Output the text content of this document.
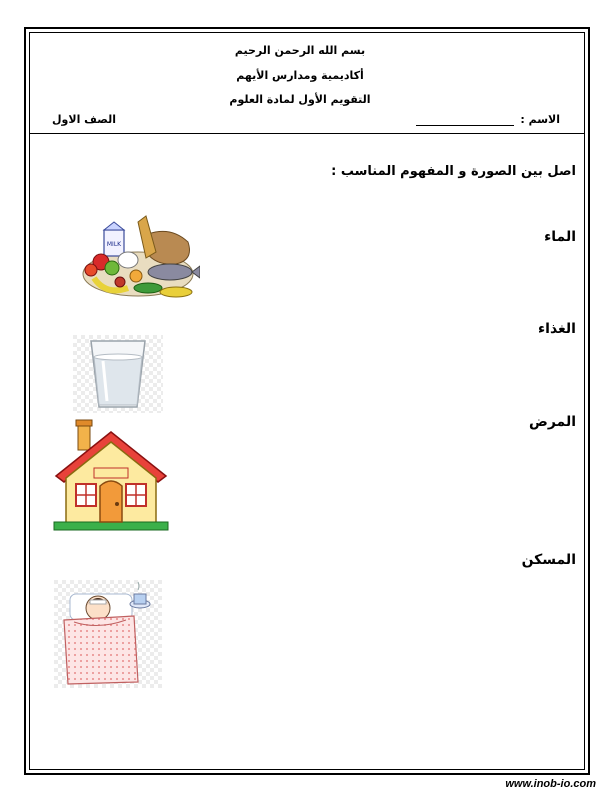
بسم الله الرحمن الرحيم
أكاديمية ومدارس الأيهم
التقويم الأول لمادة العلوم
الاسم :
الصف الاول
اصل بين الصورة و المفهوم المناسب :
الماء
الغذاء
المرض
المسكن
MILK
www.inob-io.com
